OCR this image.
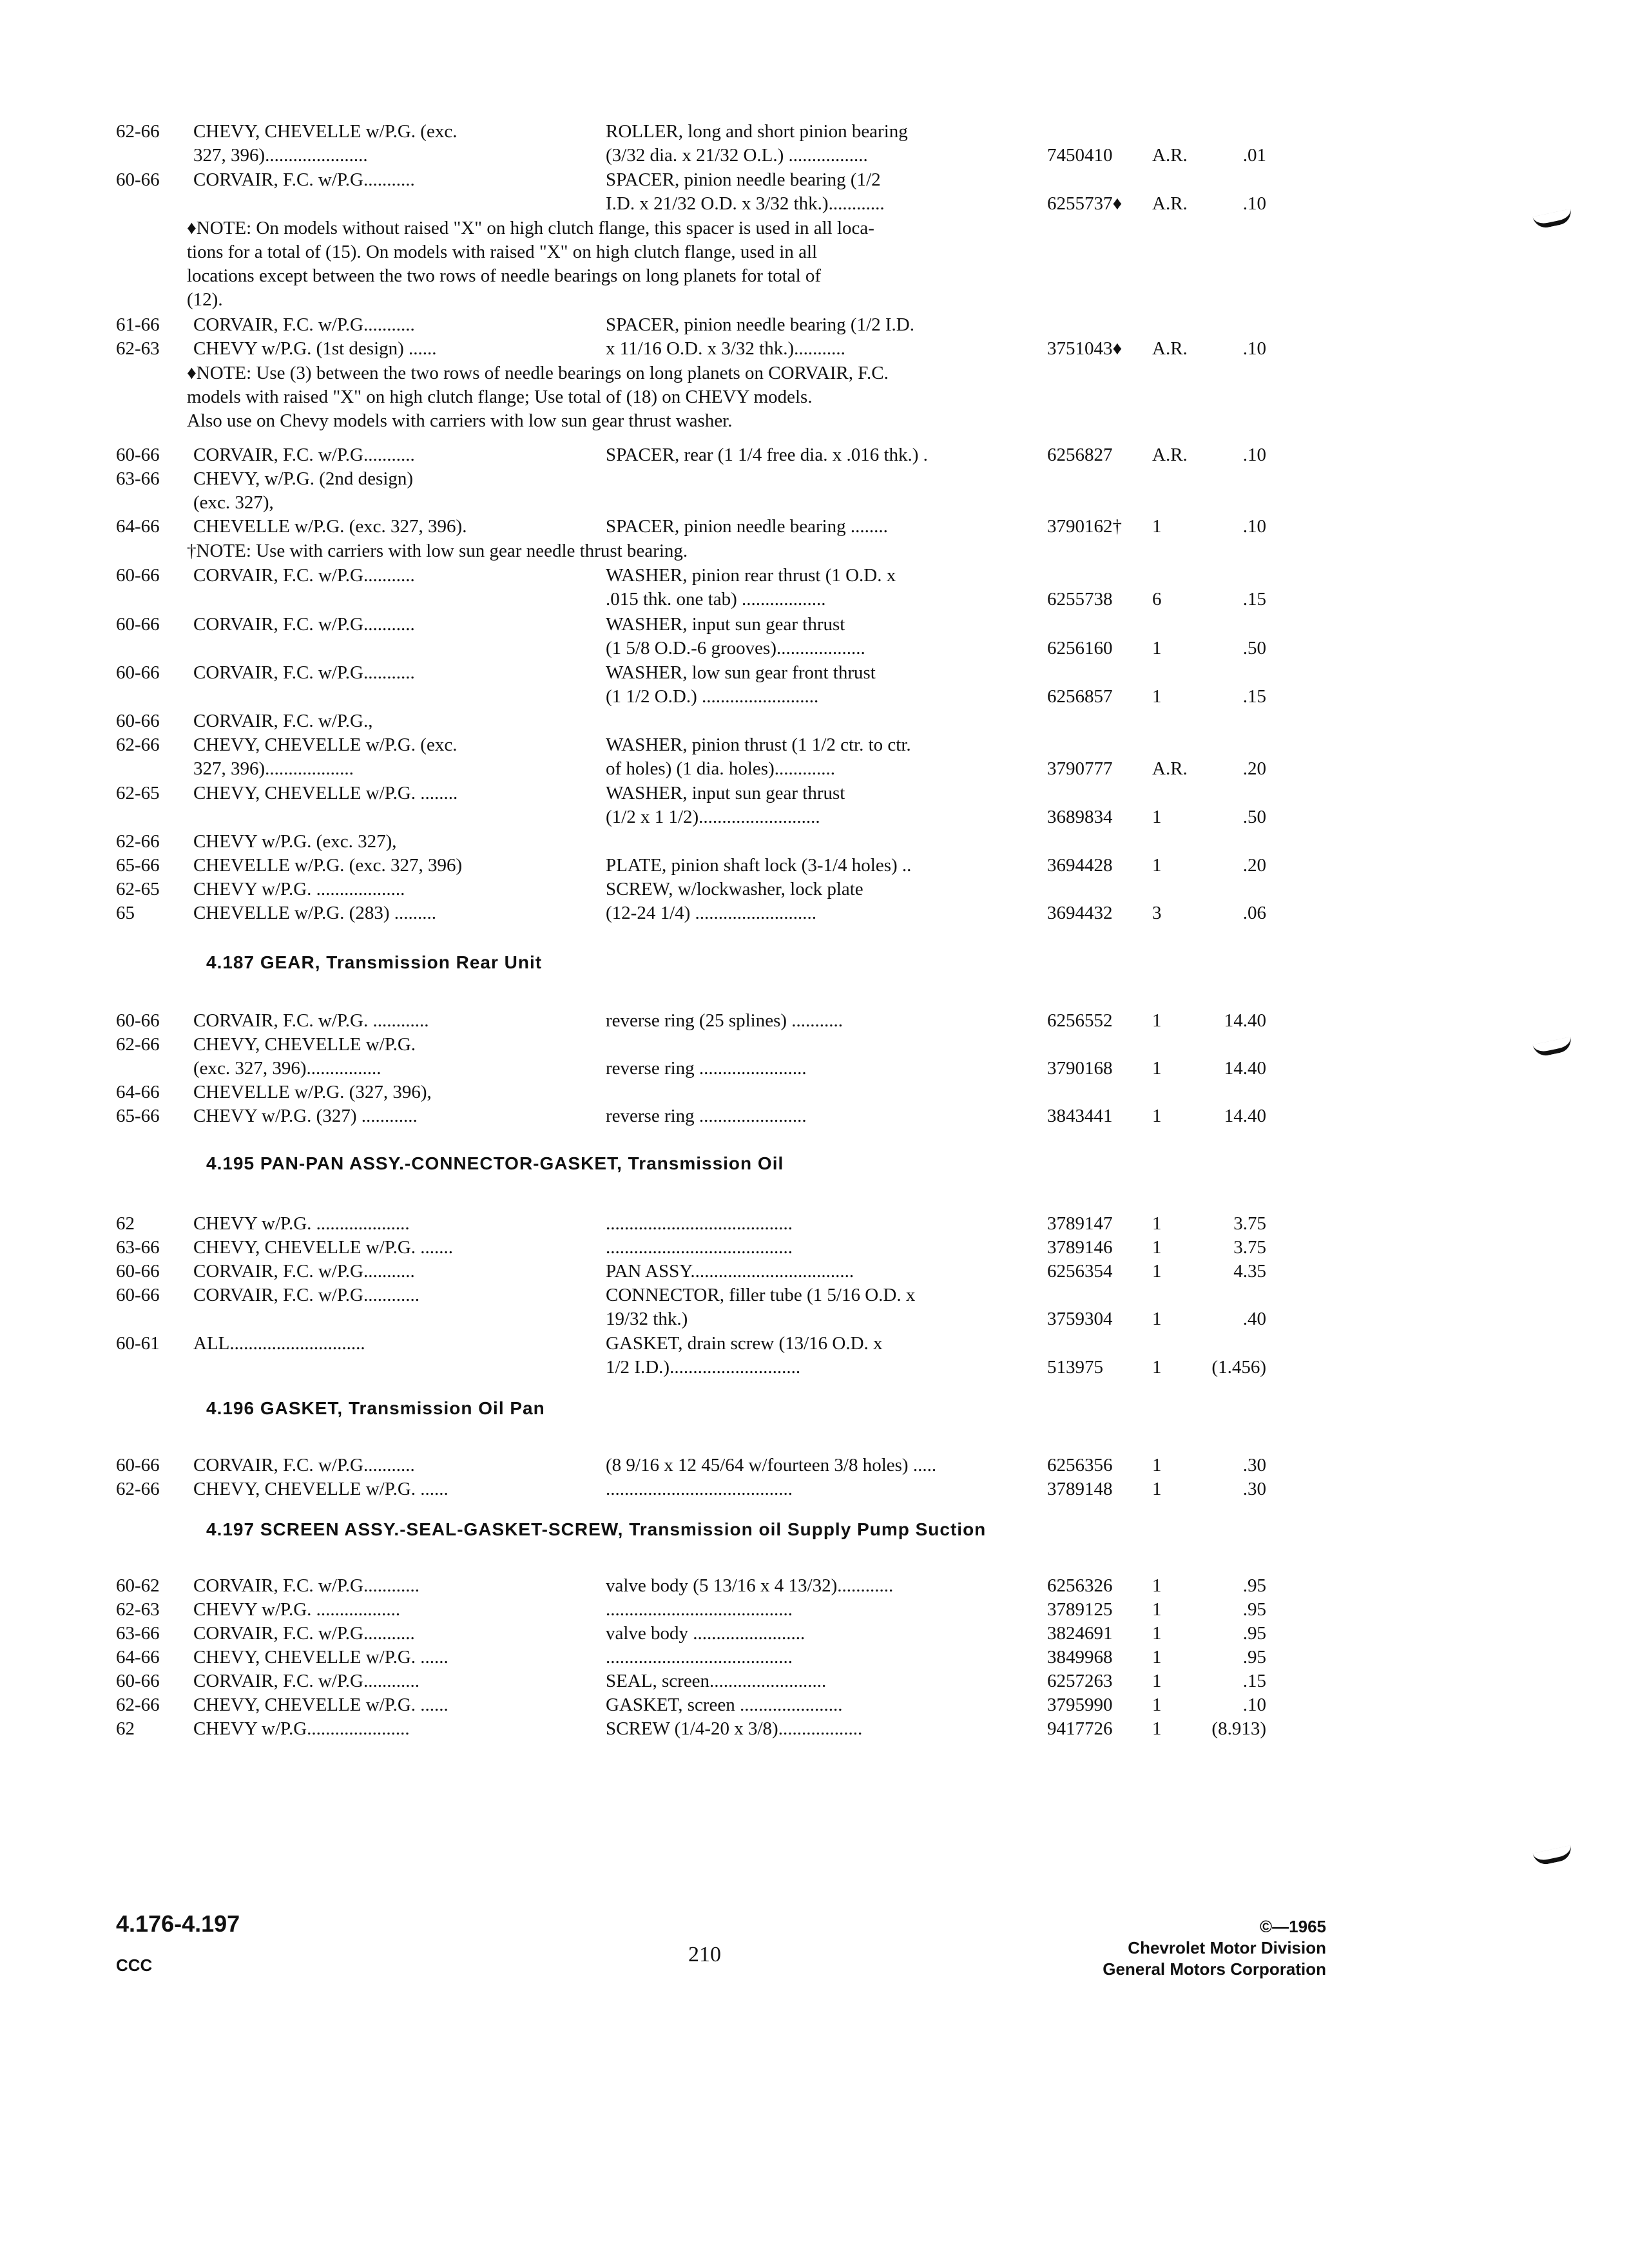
62-66	CHEVY, CHEVELLE w/P.G. (exc.	ROLLER, long and short pinion bearing
327, 396)......................	(3/32 dia. x 21/32 O.L.) .................	7450410	A.R.	.01
60-66	CORVAIR, F.C. w/P.G...........	SPACER, pinion needle bearing (1/2
I.D. x 21/32 O.D. x 3/32 thk.)............	6255737♦	A.R.	.10
61-66	CORVAIR, F.C. w/P.G...........	SPACER, pinion needle bearing (1/2 I.D.
62-63	CHEVY w/P.G. (1st design) ......	x 11/16 O.D. x 3/32 thk.)...........	3751043♦	A.R.	.10
60-66	CORVAIR, F.C. w/P.G...........	SPACER, rear (1 1/4 free dia. x .016 thk.) .	6256827	A.R.	.10
63-66	CHEVY, w/P.G. (2nd design)
(exc. 327),
64-66	CHEVELLE w/P.G. (exc. 327, 396).	SPACER, pinion needle bearing ........	3790162†	1	.10
60-66	CORVAIR, F.C. w/P.G...........	WASHER, pinion rear thrust (1 O.D. x
.015 thk. one tab) ..................	6255738	6	.15
60-66	CORVAIR, F.C. w/P.G...........	WASHER, input sun gear thrust
(1 5/8 O.D.-6 grooves)...................	6256160	1	.50
60-66	CORVAIR, F.C. w/P.G...........	WASHER, low sun gear front thrust
(1 1/2 O.D.) .........................	6256857	1	.15
60-66	CORVAIR, F.C. w/P.G.,
62-66	CHEVY, CHEVELLE w/P.G. (exc.	WASHER, pinion thrust (1 1/2 ctr. to ctr.
327, 396)...................	of holes) (1 dia. holes).............	3790777	A.R.	.20
62-65	CHEVY, CHEVELLE w/P.G. ........	WASHER, input sun gear thrust
(1/2 x 1 1/2)..........................	3689834	1	.50
62-66	CHEVY w/P.G. (exc. 327),
65-66	CHEVELLE w/P.G. (exc. 327, 396)	PLATE, pinion shaft lock (3-1/4 holes) ..	3694428	1	.20
62-65	CHEVY w/P.G. ...................	SCREW, w/lockwasher, lock plate
65	CHEVELLE w/P.G. (283) .........	(12-24 1/4) ..........................	3694432	3	.06
60-66	CORVAIR, F.C. w/P.G. ............	reverse ring (25 splines) ...........	6256552	1	14.40
62-66	CHEVY, CHEVELLE w/P.G.
(exc. 327, 396)................	reverse ring .......................	3790168	1	14.40
64-66	CHEVELLE w/P.G. (327, 396),
65-66	CHEVY w/P.G. (327) ............	reverse ring .......................	3843441	1	14.40
62	CHEVY w/P.G. ....................	........................................	3789147	1	3.75
63-66	CHEVY, CHEVELLE w/P.G. .......	........................................	3789146	1	3.75
60-66	CORVAIR, F.C. w/P.G...........	PAN ASSY...................................	6256354	1	4.35
60-66	CORVAIR, F.C. w/P.G............	CONNECTOR, filler tube (1 5/16 O.D. x
19/32 thk.)	3759304	1	.40
60-61	ALL.............................	GASKET, drain screw (13/16 O.D. x
1/2 I.D.)............................	513975	1	(1.456)
60-66	CORVAIR, F.C. w/P.G...........	(8 9/16 x 12 45/64 w/fourteen 3/8 holes) .....	6256356	1	.30
62-66	CHEVY, CHEVELLE w/P.G. ......	........................................	3789148	1	.30
60-62	CORVAIR, F.C. w/P.G............	valve body (5 13/16 x 4 13/32)............	6256326	1	.95
62-63	CHEVY w/P.G. ..................	........................................	3789125	1	.95
63-66	CORVAIR, F.C. w/P.G...........	valve body ........................	3824691	1	.95
64-66	CHEVY, CHEVELLE w/P.G. ......	........................................	3849968	1	.95
60-66	CORVAIR, F.C. w/P.G............	SEAL, screen.........................	6257263	1	.15
62-66	CHEVY, CHEVELLE w/P.G. ......	GASKET, screen ......................	3795990	1	.10
62	CHEVY w/P.G......................	SCREW (1/4-20 x 3/8)..................	9417726	1	(8.913)
♦NOTE: On models without raised "X" on high clutch flange, this spacer is used in all loca-
tions for a total of (15). On models with raised "X" on high clutch flange, used in all
locations except between the two rows of needle bearings on long planets for total of
(12).
♦NOTE: Use (3) between the two rows of needle bearings on long planets on CORVAIR, F.C.
models with raised "X" on high clutch flange; Use total of (18) on CHEVY models.
Also use on Chevy models with carriers with low sun gear thrust washer.
†NOTE: Use with carriers with low sun gear needle thrust bearing.
4.187 GEAR, Transmission Rear Unit
4.195 PAN-PAN ASSY.-CONNECTOR-GASKET, Transmission Oil
4.196 GASKET, Transmission Oil Pan
4.197 SCREEN ASSY.-SEAL-GASKET-SCREW, Transmission oil Supply Pump Suction
4.176-4.197
CCC	210
©—1965
Chevrolet Motor Division
General Motors Corporation
